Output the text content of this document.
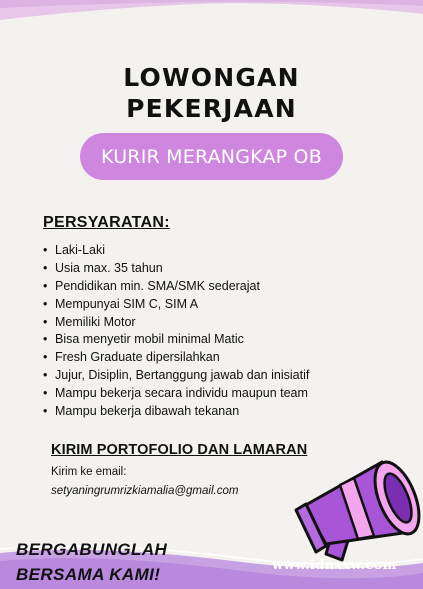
LOWONGAN
PEKERJAAN
KURIR MERANGKAP OB
PERSYARATAN:
• Laki-Laki
• Usia max. 35 tahun
• Pendidikan min. SMA/SMK sederajat
• Mempunyai SIM C, SIM A
• Memiliki Motor
• Bisa menyetir mobil minimal Matic
• Fresh Graduate dipersilahkan
• Jujur, Disiplin, Bertanggung jawab dan inisiatif
• Mampu bekerja secara individu maupun team
• Mampu bekerja dibawah tekanan
KIRIM PORTOFOLIO DAN LAMARAN
Kirim ke email:
setyaningrumrizkiamalia@gmail.com
BERGABUNGLAH
BERSAMA KAMI!	www.idnxxw.com
